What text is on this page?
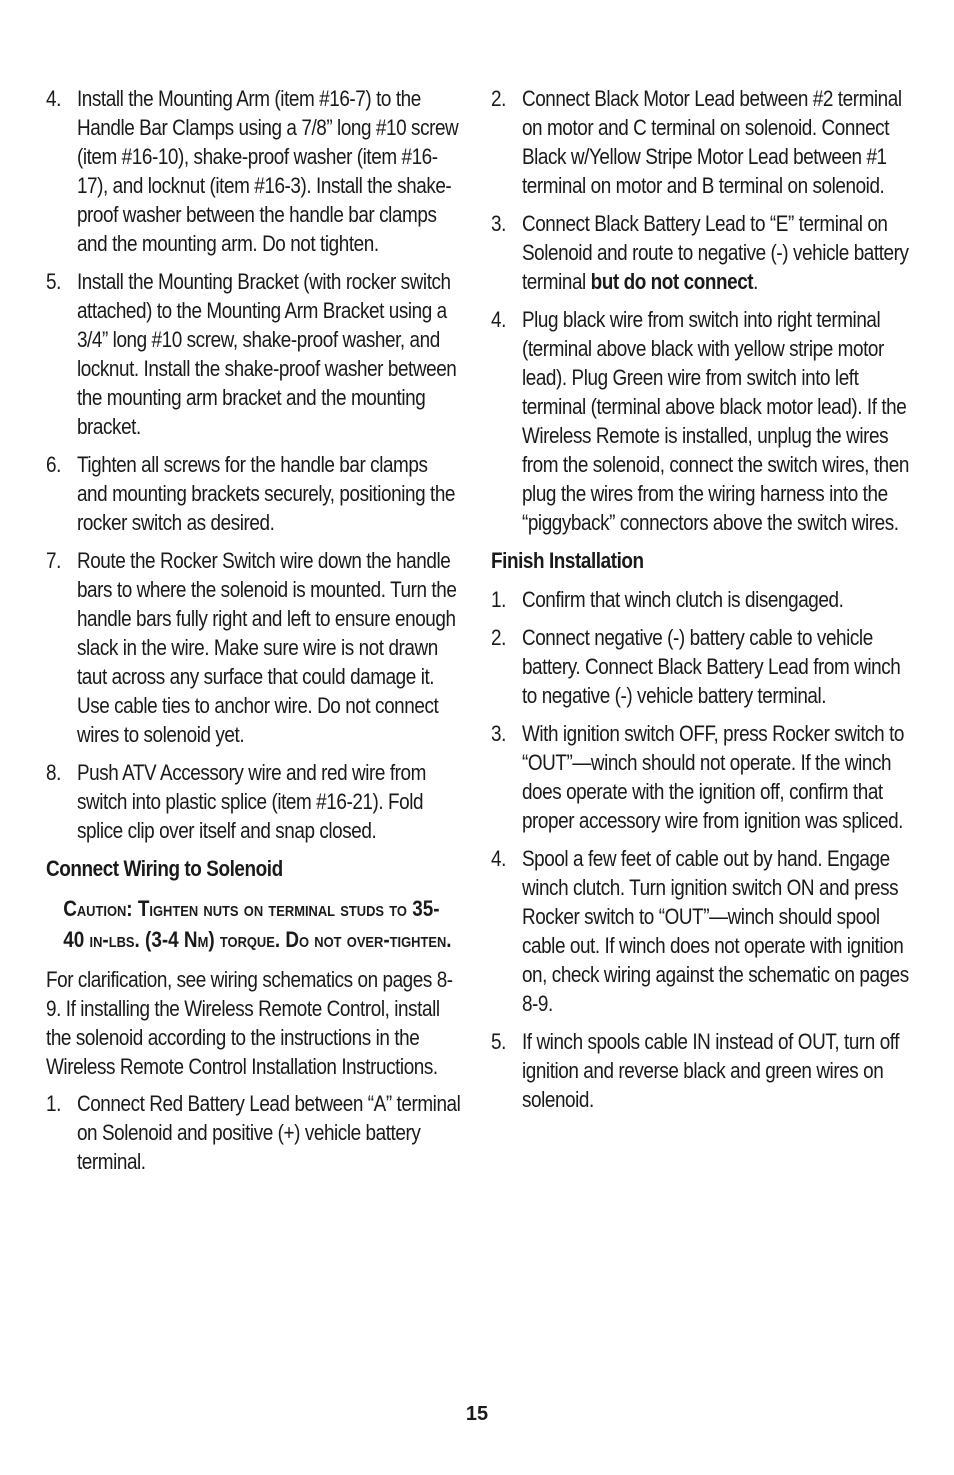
4. Install the Mounting Arm (item #16-7) to the Handle Bar Clamps using a 7/8” long #10 screw (item #16-10), shake-proof washer (item #16-17), and locknut (item #16-3). Install the shake-proof washer between the handle bar clamps and the mounting arm. Do not tighten.
5. Install the Mounting Bracket (with rocker switch attached) to the Mounting Arm Bracket using a 3/4” long #10 screw, shake-proof washer, and locknut. Install the shake-proof washer between the mounting arm bracket and the mounting bracket.
6. Tighten all screws for the handle bar clamps and mounting brackets securely, positioning the rocker switch as desired.
7. Route the Rocker Switch wire down the handle bars to where the solenoid is mounted. Turn the handle bars fully right and left to ensure enough slack in the wire. Make sure wire is not drawn taut across any surface that could damage it. Use cable ties to anchor wire. Do not connect wires to solenoid yet.
8. Push ATV Accessory wire and red wire from switch into plastic splice (item #16-21). Fold splice clip over itself and snap closed.
Connect Wiring to Solenoid
Caution: Tighten nuts on terminal studs to 35-40 in-lbs. (3-4 Nm) torque. Do not over-tighten.
For clarification, see wiring schematics on pages 8-9. If installing the Wireless Remote Control, install the solenoid according to the instructions in the Wireless Remote Control Installation Instructions.
1. Connect Red Battery Lead between “A” terminal on Solenoid and positive (+) vehicle battery terminal.
2. Connect Black Motor Lead between #2 terminal on motor and C terminal on solenoid. Connect Black w/Yellow Stripe Motor Lead between #1 terminal on motor and B terminal on solenoid.
3. Connect Black Battery Lead to “E” terminal on Solenoid and route to negative (-) vehicle battery terminal but do not connect.
4. Plug black wire from switch into right terminal (terminal above black with yellow stripe motor lead). Plug Green wire from switch into left terminal (terminal above black motor lead). If the Wireless Remote is installed, unplug the wires from the solenoid, connect the switch wires, then plug the wires from the wiring harness into the “piggyback” connectors above the switch wires.
Finish Installation
1. Confirm that winch clutch is disengaged.
2. Connect negative (-) battery cable to vehicle battery. Connect Black Battery Lead from winch to negative (-) vehicle battery terminal.
3. With ignition switch OFF, press Rocker switch to “OUT”—winch should not operate. If the winch does operate with the ignition off, confirm that proper accessory wire from ignition was spliced.
4. Spool a few feet of cable out by hand. Engage winch clutch. Turn ignition switch ON and press Rocker switch to “OUT”—winch should spool cable out. If winch does not operate with ignition on, check wiring against the schematic on pages 8-9.
5. If winch spools cable IN instead of OUT, turn off ignition and reverse black and green wires on solenoid.
15
